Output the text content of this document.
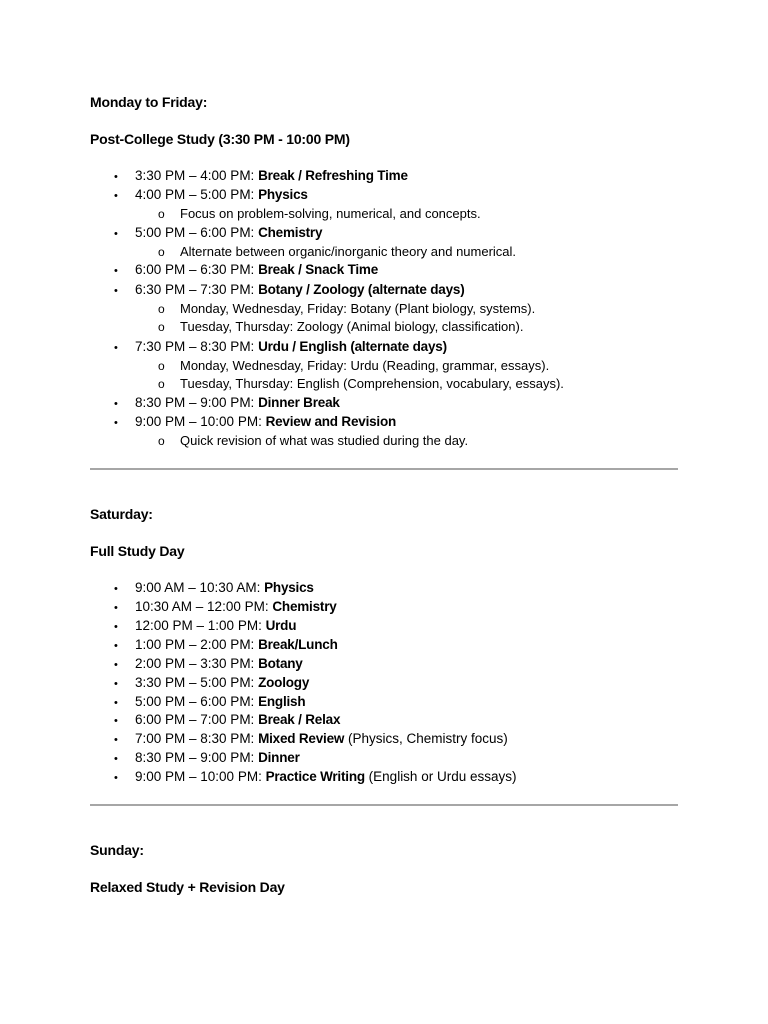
Monday to Friday:
Post-College Study (3:30 PM - 10:00 PM)
• 3:30 PM – 4:00 PM: Break / Refreshing Time
• 4:00 PM – 5:00 PM: Physics
o Focus on problem-solving, numerical, and concepts.
• 5:00 PM – 6:00 PM: Chemistry
o Alternate between organic/inorganic theory and numerical.
• 6:00 PM – 6:30 PM: Break / Snack Time
• 6:30 PM – 7:30 PM: Botany / Zoology (alternate days)
o Monday, Wednesday, Friday: Botany (Plant biology, systems).
o Tuesday, Thursday: Zoology (Animal biology, classification).
• 7:30 PM – 8:30 PM: Urdu / English (alternate days)
o Monday, Wednesday, Friday: Urdu (Reading, grammar, essays).
o Tuesday, Thursday: English (Comprehension, vocabulary, essays).
• 8:30 PM – 9:00 PM: Dinner Break
• 9:00 PM – 10:00 PM: Review and Revision
o Quick revision of what was studied during the day.
Saturday:
Full Study Day
• 9:00 AM – 10:30 AM: Physics
• 10:30 AM – 12:00 PM: Chemistry
• 12:00 PM – 1:00 PM: Urdu
• 1:00 PM – 2:00 PM: Break/Lunch
• 2:00 PM – 3:30 PM: Botany
• 3:30 PM – 5:00 PM: Zoology
• 5:00 PM – 6:00 PM: English
• 6:00 PM – 7:00 PM: Break / Relax
• 7:00 PM – 8:30 PM: Mixed Review (Physics, Chemistry focus)
• 8:30 PM – 9:00 PM: Dinner
• 9:00 PM – 10:00 PM: Practice Writing (English or Urdu essays)
Sunday:
Relaxed Study + Revision Day
